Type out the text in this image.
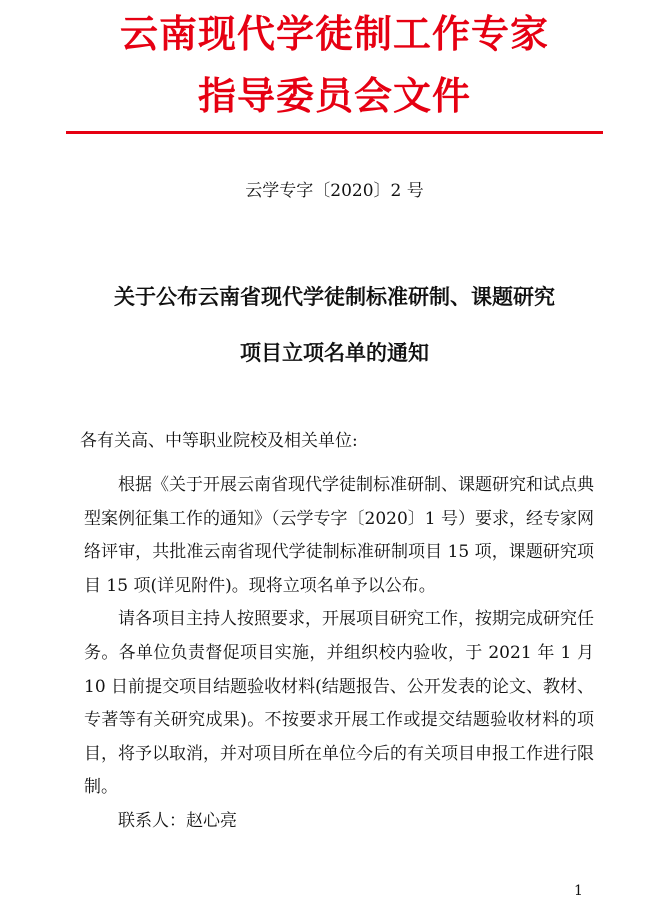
云南现代学徒制工作专家
指导委员会文件
云学专字〔2020〕2 号
关于公布云南省现代学徒制标准研制、课题研究
项目立项名单的通知
各有关高、中等职业院校及相关单位:

根据《关于开展云南省现代学徒制标准研制、课题研究和试点典型案例征集工作的通知》（云学专字〔2020〕1 号）要求，经专家网络评审，共批准云南省现代学徒制标准研制项目 15 项，课题研究项目 15 项(详见附件)。现将立项名单予以公布。

请各项目主持人按照要求，开展项目研究工作，按期完成研究任务。各单位负责督促项目实施，并组织校内验收，于 2021 年 1 月 10 日前提交项目结题验收材料(结题报告、公开发表的论文、教材、专著等有关研究成果)。不按要求开展工作或提交结题验收材料的项目，将予以取消，并对项目所在单位今后的有关项目申报工作进行限制。

联系人：赵心亮

1
